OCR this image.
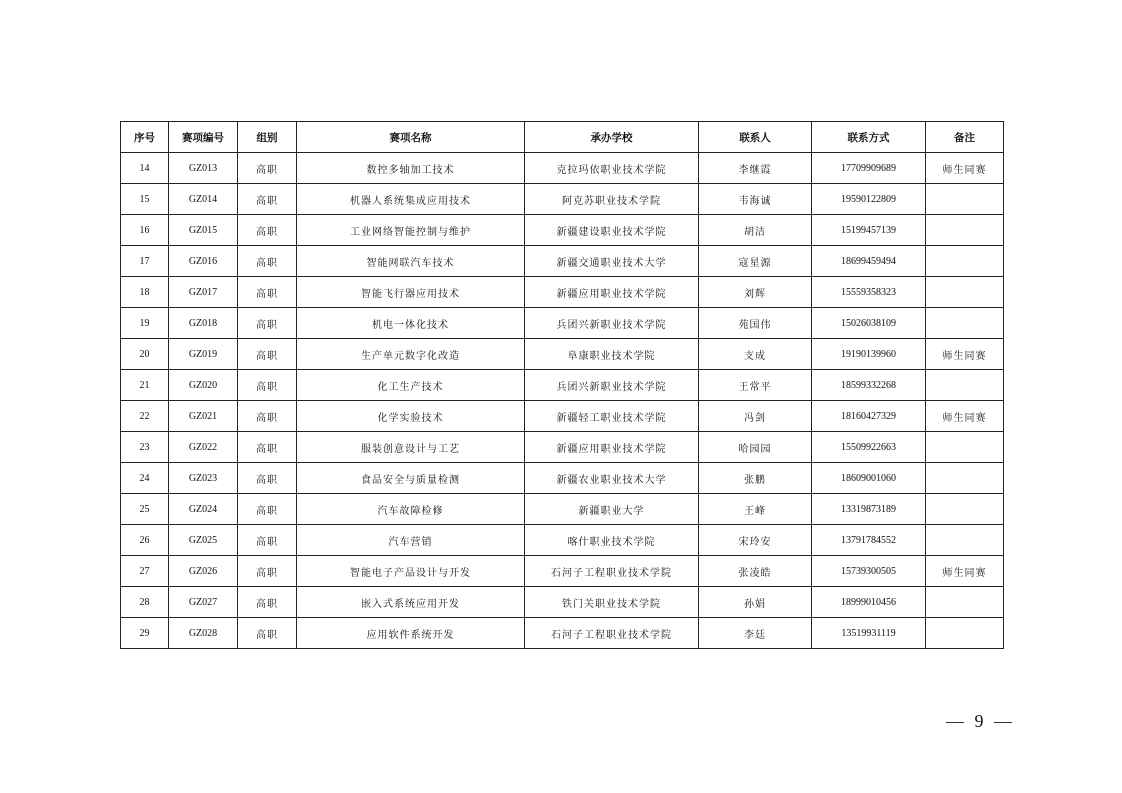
序号	赛项编号	组别	赛项名称	承办学校	联系人	联系方式	备注
14	GZ013	高职	数控多轴加工技术	克拉玛依职业技术学院	李继霞	17709909689	师生同赛
15	GZ014	高职	机器人系统集成应用技术	阿克苏职业技术学院	韦海诚	19590122809	
16	GZ015	高职	工业网络智能控制与维护	新疆建设职业技术学院	胡洁	15199457139	
17	GZ016	高职	智能网联汽车技术	新疆交通职业技术大学	寇星源	18699459494	
18	GZ017	高职	智能飞行器应用技术	新疆应用职业技术学院	刘辉	15559358323	
19	GZ018	高职	机电一体化技术	兵团兴新职业技术学院	苑国伟	15026038109	
20	GZ019	高职	生产单元数字化改造	阜康职业技术学院	支成	19190139960	师生同赛
21	GZ020	高职	化工生产技术	兵团兴新职业技术学院	王常平	18599332268	
22	GZ021	高职	化学实验技术	新疆轻工职业技术学院	冯剑	18160427329	师生同赛
23	GZ022	高职	服装创意设计与工艺	新疆应用职业技术学院	哈园园	15509922663	
24	GZ023	高职	食品安全与质量检测	新疆农业职业技术大学	张鹏	18609001060	
25	GZ024	高职	汽车故障检修	新疆职业大学	王峰	13319873189	
26	GZ025	高职	汽车营销	喀什职业技术学院	宋玲安	13791784552	
27	GZ026	高职	智能电子产品设计与开发	石河子工程职业技术学院	张凌皓	15739300505	师生同赛
28	GZ027	高职	嵌入式系统应用开发	铁门关职业技术学院	孙娟	18999010456	
29	GZ028	高职	应用软件系统开发	石河子工程职业技术学院	李廷	13519931119	
— 9 —
